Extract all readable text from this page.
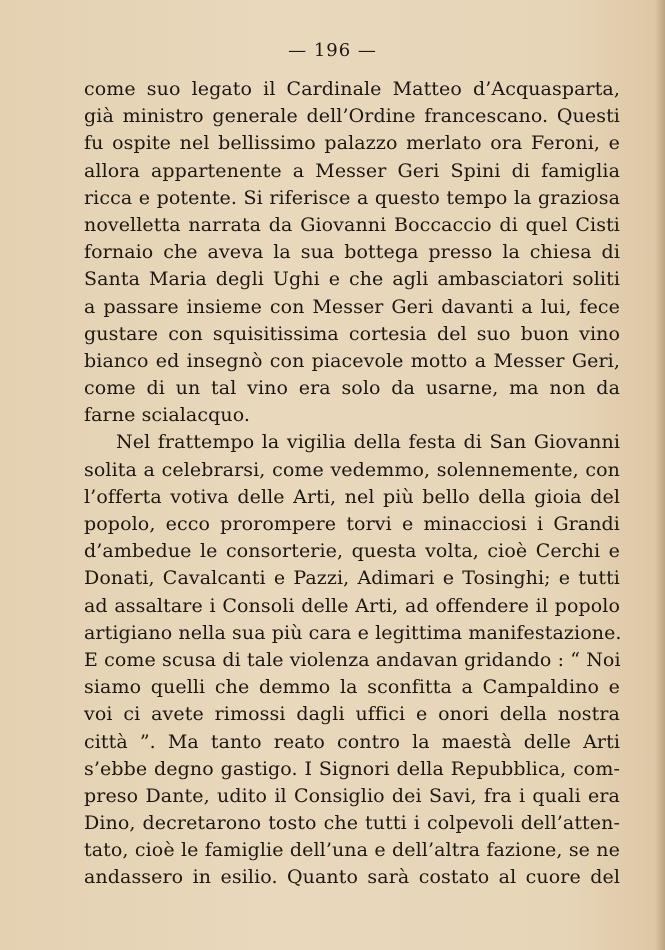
— 196 —
come suo legato il Cardinale Matteo d’Acquasparta,
già ministro generale dell’Ordine francescano. Questi
fu ospite nel bellissimo palazzo merlato ora Feroni, e
allora appartenente a Messer Geri Spini di famiglia
ricca e potente. Si riferisce a questo tempo la graziosa
novelletta narrata da Giovanni Boccaccio di quel Cisti
fornaio che aveva la sua bottega presso la chiesa di
Santa Maria degli Ughi e che agli ambasciatori soliti
a passare insieme con Messer Geri davanti a lui, fece
gustare con squisitissima cortesia del suo buon vino
bianco ed insegnò con piacevole motto a Messer Geri,
come di un tal vino era solo da usarne, ma non da
farne scialacquo.
Nel frattempo la vigilia della festa di San Giovanni
solita a celebrarsi, come vedemmo, solennemente, con
l’offerta votiva delle Arti, nel più bello della gioia del
popolo, ecco prorompere torvi e minacciosi i Grandi
d’ambedue le consorterie, questa volta, cioè Cerchi e
Donati, Cavalcanti e Pazzi, Adimari e Tosinghi; e tutti
ad assaltare i Consoli delle Arti, ad offendere il popolo
artigiano nella sua più cara e legittima manifestazione.
E come scusa di tale violenza andavan gridando : “ Noi
siamo quelli che demmo la sconfitta a Campaldino e
voi ci avete rimossi dagli uffici e onori della nostra
città ”. Ma tanto reato contro la maestà delle Arti
s’ebbe degno gastigo. I Signori della Repubblica, com-
preso Dante, udito il Consiglio dei Savi, fra i quali era
Dino, decretarono tosto che tutti i colpevoli dell’atten-
tato, cioè le famiglie dell’una e dell’altra fazione, se ne
andassero in esilio. Quanto sarà costato al cuore del
